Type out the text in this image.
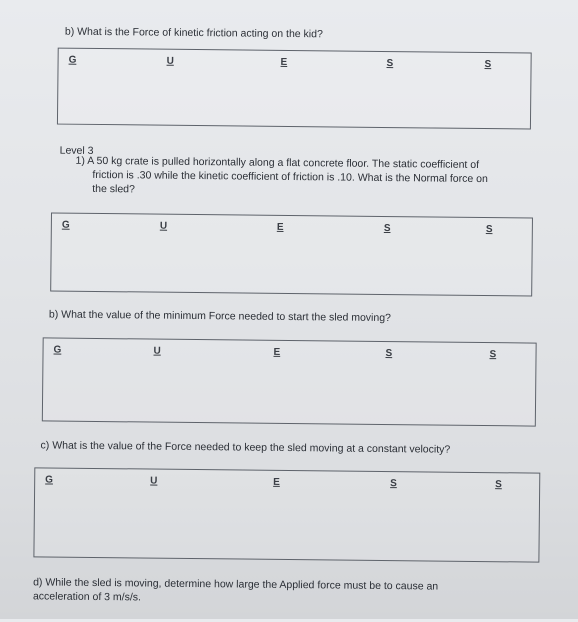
b) What is the Force of kinetic friction acting on the kid?
G	U	E	S	S
Level 3
1) A 50 kg crate is pulled horizontally along a flat concrete floor. The static coefficient of
friction is .30 while the kinetic coefficient of friction is .10. What is the Normal force on
the sled?
G	U	E	S	S
b) What the value of the minimum Force needed to start the sled moving?
G	U	E	S	S
c) What is the value of the Force needed to keep the sled moving at a constant velocity?
G	U	E	S	S
d) While the sled is moving, determine how large the Applied force must be to cause an
acceleration of 3 m/s/s.
